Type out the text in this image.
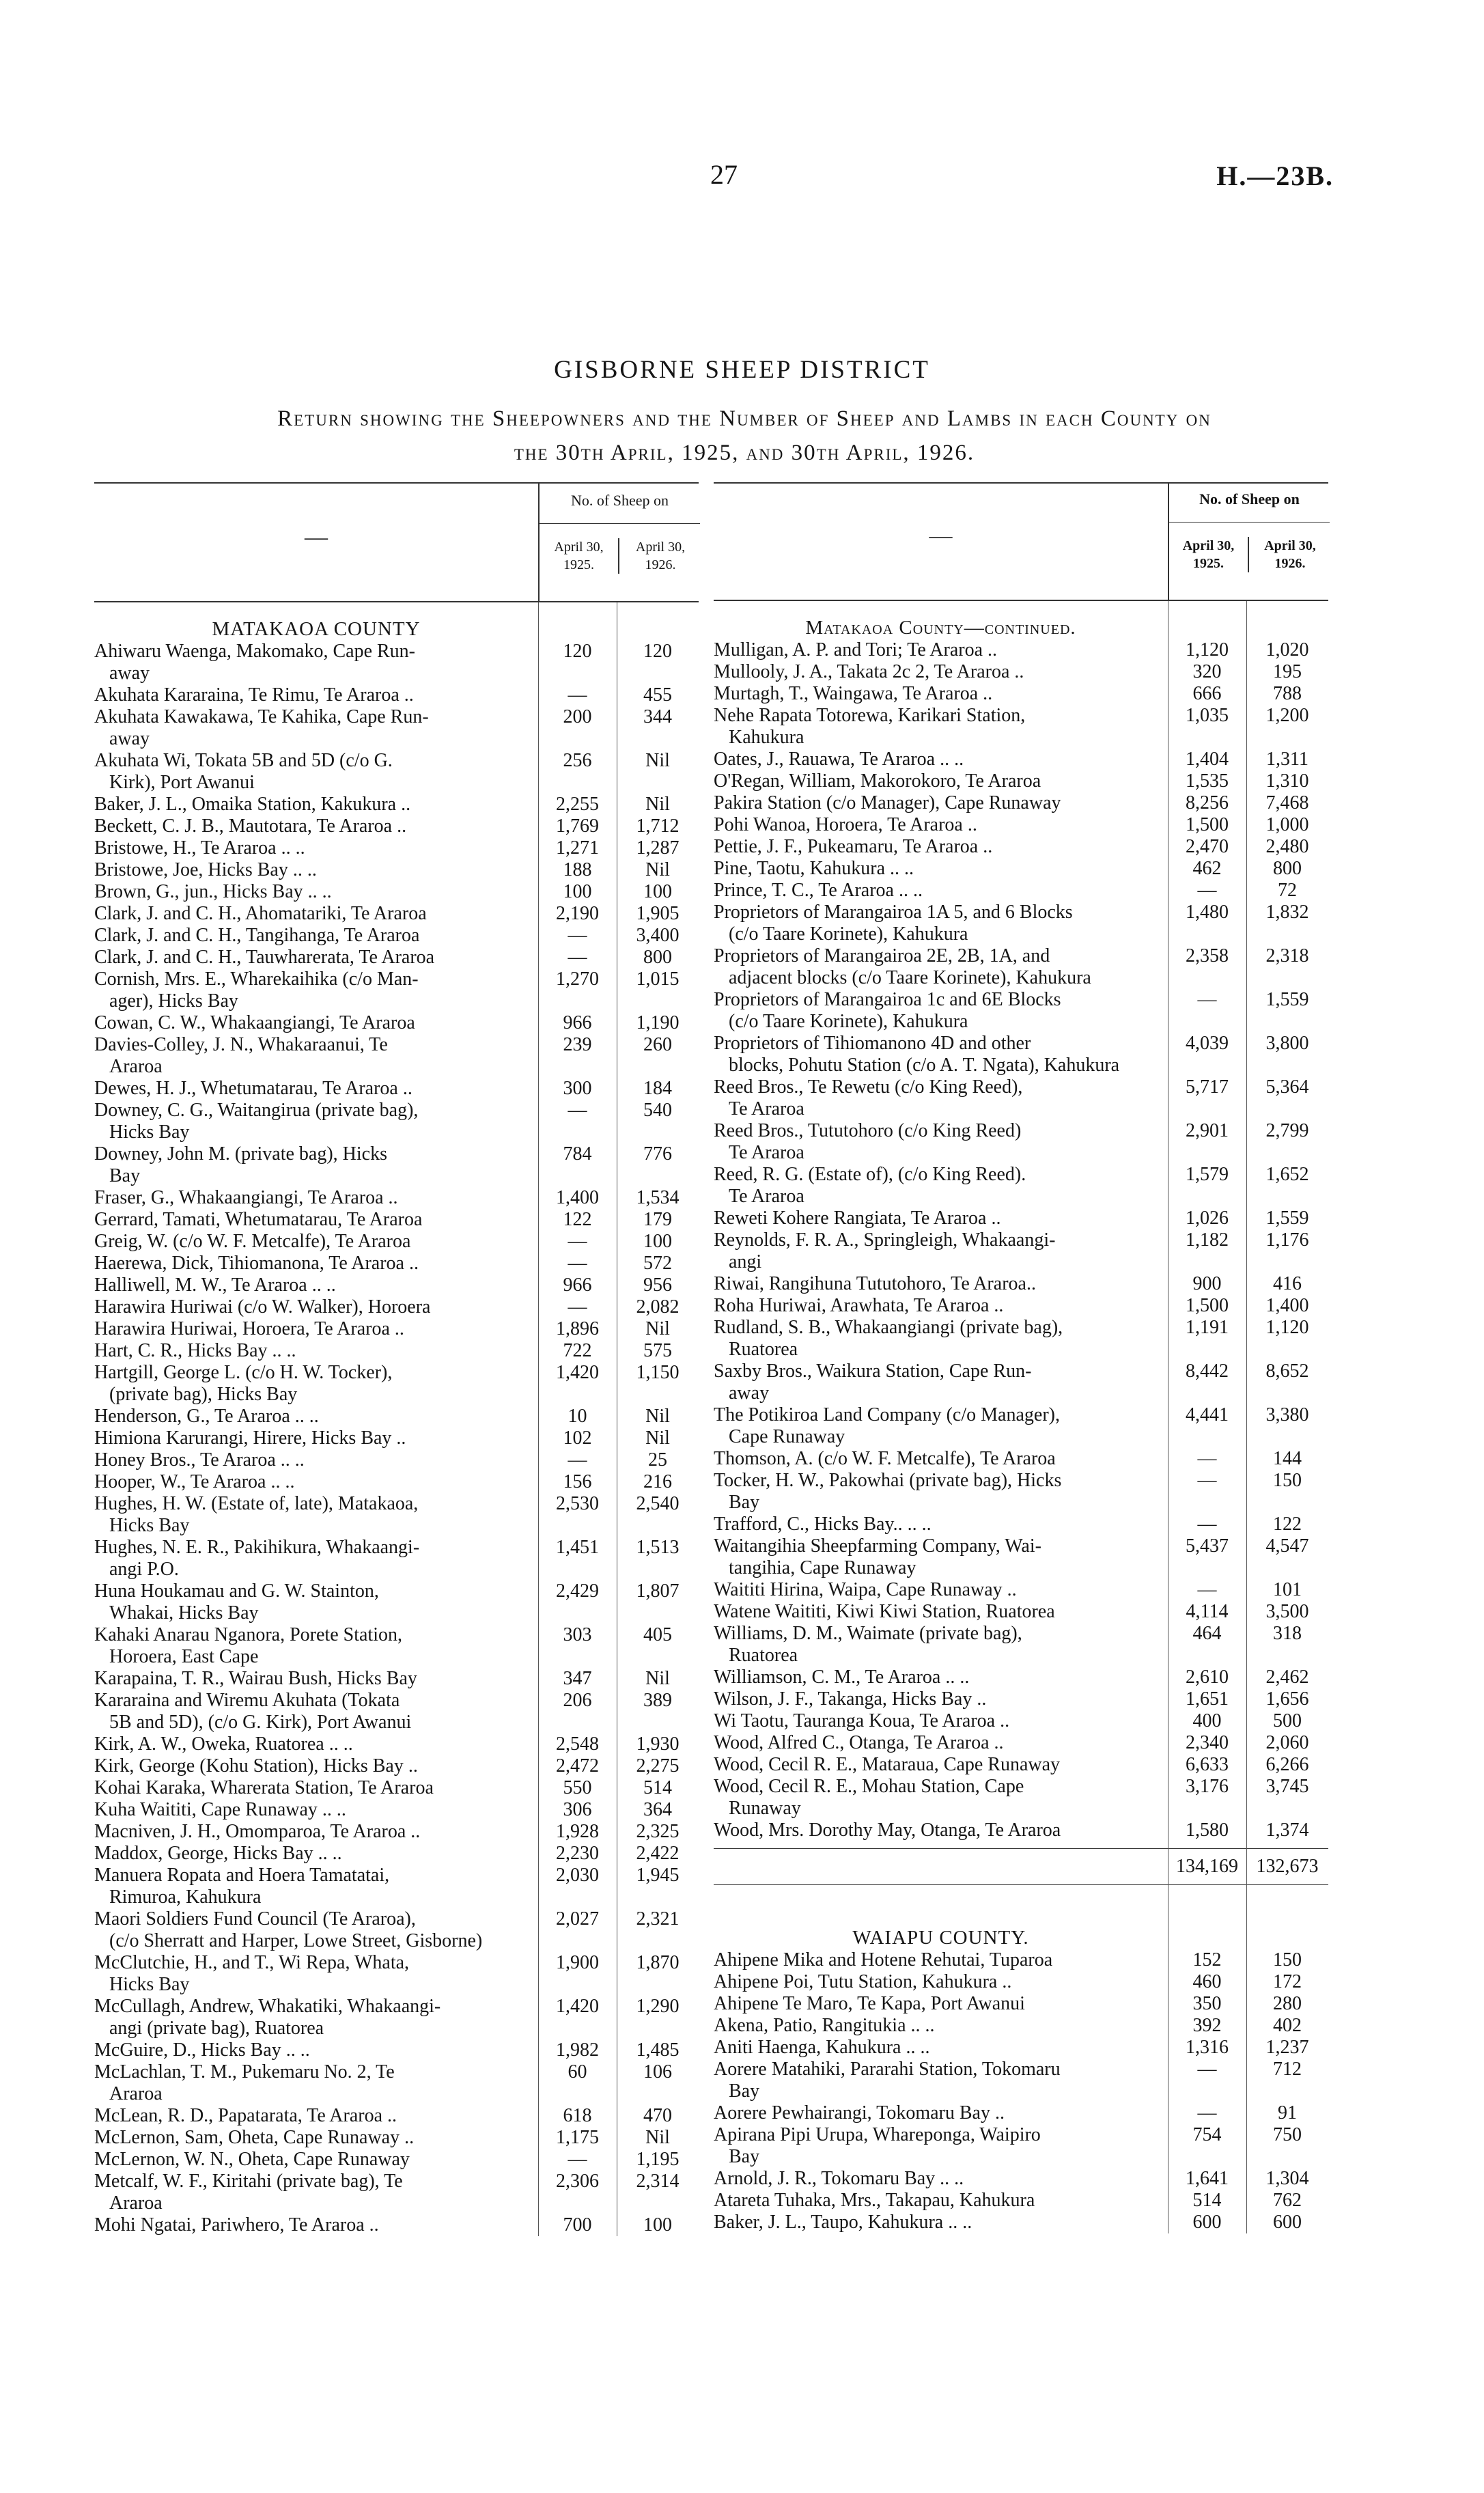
27	H.—23B.
GISBORNE SHEEP DISTRICT
Return showing the Sheepowners and the Number of Sheep and Lambs in each County on
the 30th April, 1925, and 30th April, 1926.
—
No. of Sheep on
April 30, 1925.
April 30, 1926.
MATAKAOA COUNTY
Ahiwaru Waenga, Makomako, Cape Run-
away
120	120
Akuhata Kararaina, Te Rimu, Te Araroa ..	—	455
Akuhata Kawakawa, Te Kahika, Cape Run-
away
200	344
Akuhata Wi, Tokata 5B and 5D (c/o G.
Kirk), Port Awanui
256	Nil
Baker, J. L., Omaika Station, Kakukura ..	2,255	Nil
Beckett, C. J. B., Mautotara, Te Araroa ..	1,769	1,712
Bristowe, H., Te Araroa .. ..	1,271	1,287
Bristowe, Joe, Hicks Bay .. ..	188	Nil
Brown, G., jun., Hicks Bay .. ..	100	100
Clark, J. and C. H., Ahomatariki, Te Araroa	2,190	1,905
Clark, J. and C. H., Tangihanga, Te Araroa	—	3,400
Clark, J. and C. H., Tauwharerata, Te Araroa	—	800
Cornish, Mrs. E., Wharekaihika (c/o Man-
ager), Hicks Bay
1,270	1,015
Cowan, C. W., Whakaangiangi, Te Araroa	966	1,190
Davies-Colley, J. N., Whakaraanui, Te
Araroa
239	260
Dewes, H. J., Whetumatarau, Te Araroa ..	300	184
Downey, C. G., Waitangirua (private bag),
Hicks Bay
—	540
Downey, John M. (private bag), Hicks
Bay
784	776
Fraser, G., Whakaangiangi, Te Araroa ..	1,400	1,534
Gerrard, Tamati, Whetumatarau, Te Araroa	122	179
Greig, W. (c/o W. F. Metcalfe), Te Araroa	—	100
Haerewa, Dick, Tihiomanona, Te Araroa ..	—	572
Halliwell, M. W., Te Araroa .. ..	966	956
Harawira Huriwai (c/o W. Walker), Horoera	—	2,082
Harawira Huriwai, Horoera, Te Araroa ..	1,896	Nil
Hart, C. R., Hicks Bay .. ..	722	575
Hartgill, George L. (c/o H. W. Tocker),
(private bag), Hicks Bay
1,420	1,150
Henderson, G., Te Araroa .. ..	10	Nil
Himiona Karurangi, Hirere, Hicks Bay ..	102	Nil
Honey Bros., Te Araroa .. ..	—	25
Hooper, W., Te Araroa .. ..	156	216
Hughes, H. W. (Estate of, late), Matakaoa,
Hicks Bay
2,530	2,540
Hughes, N. E. R., Pakihikura, Whakaangi-
angi P.O.
1,451	1,513
Huna Houkamau and G. W. Stainton,
Whakai, Hicks Bay
2,429	1,807
Kahaki Anarau Nganora, Porete Station,
Horoera, East Cape
303	405
Karapaina, T. R., Wairau Bush, Hicks Bay	347	Nil
Kararaina and Wiremu Akuhata (Tokata
5B and 5D), (c/o G. Kirk), Port Awanui
206	389
Kirk, A. W., Oweka, Ruatorea .. ..	2,548	1,930
Kirk, George (Kohu Station), Hicks Bay ..	2,472	2,275
Kohai Karaka, Wharerata Station, Te Araroa	550	514
Kuha Waititi, Cape Runaway .. ..	306	364
Macniven, J. H., Omomparoa, Te Araroa ..	1,928	2,325
Maddox, George, Hicks Bay .. ..	2,230	2,422
Manuera Ropata and Hoera Tamatatai,
Rimuroa, Kahukura
2,030	1,945
Maori Soldiers Fund Council (Te Araroa),
(c/o Sherratt and Harper, Lowe Street, Gisborne)
2,027	2,321
McClutchie, H., and T., Wi Repa, Whata,
Hicks Bay
1,900	1,870
McCullagh, Andrew, Whakatiki, Whakaangi-
angi (private bag), Ruatorea
1,420	1,290
McGuire, D., Hicks Bay .. ..	1,982	1,485
McLachlan, T. M., Pukemaru No. 2, Te
Araroa
60	106
McLean, R. D., Papatarata, Te Araroa ..	618	470
McLernon, Sam, Oheta, Cape Runaway ..	1,175	Nil
McLernon, W. N., Oheta, Cape Runaway	—	1,195
Metcalf, W. F., Kiritahi (private bag), Te
Araroa
2,306	2,314
Mohi Ngatai, Pariwhero, Te Araroa ..	700	100
—
No. of Sheep on
April 30, 1925.
April 30, 1926.
Matakaoa County—continued.
Mulligan, A. P. and Tori; Te Araroa ..	1,120	1,020
Mullooly, J. A., Takata 2c 2, Te Araroa ..	320	195
Murtagh, T., Waingawa, Te Araroa ..	666	788
Nehe Rapata Totorewa, Karikari Station,
Kahukura
1,035	1,200
Oates, J., Rauawa, Te Araroa .. ..	1,404	1,311
O'Regan, William, Makorokoro, Te Araroa	1,535	1,310
Pakira Station (c/o Manager), Cape Runaway	8,256	7,468
Pohi Wanoa, Horoera, Te Araroa ..	1,500	1,000
Pettie, J. F., Pukeamaru, Te Araroa ..	2,470	2,480
Pine, Taotu, Kahukura .. ..	462	800
Prince, T. C., Te Araroa .. ..	—	72
Proprietors of Marangairoa 1A 5, and 6 Blocks
(c/o Taare Korinete), Kahukura
1,480	1,832
Proprietors of Marangairoa 2E, 2B, 1A, and
adjacent blocks (c/o Taare Korinete), Kahukura
2,358	2,318
Proprietors of Marangairoa 1c and 6E Blocks
(c/o Taare Korinete), Kahukura
—	1,559
Proprietors of Tihiomanono 4D and other
blocks, Pohutu Station (c/o A. T. Ngata), Kahukura
4,039	3,800
Reed Bros., Te Rewetu (c/o King Reed),
Te Araroa
5,717	5,364
Reed Bros., Tututohoro (c/o King Reed)
Te Araroa
2,901	2,799
Reed, R. G. (Estate of), (c/o King Reed).
Te Araroa
1,579	1,652
Reweti Kohere Rangiata, Te Araroa ..	1,026	1,559
Reynolds, F. R. A., Springleigh, Whakaangi-
angi
1,182	1,176
Riwai, Rangihuna Tututohoro, Te Araroa..	900	416
Roha Huriwai, Arawhata, Te Araroa ..	1,500	1,400
Rudland, S. B., Whakaangiangi (private bag),
Ruatorea
1,191	1,120
Saxby Bros., Waikura Station, Cape Run-
away
8,442	8,652
The Potikiroa Land Company (c/o Manager),
Cape Runaway
4,441	3,380
Thomson, A. (c/o W. F. Metcalfe), Te Araroa	—	144
Tocker, H. W., Pakowhai (private bag), Hicks
Bay
—	150
Trafford, C., Hicks Bay.. .. ..	—	122
Waitangihia Sheepfarming Company, Wai-
tangihia, Cape Runaway
5,437	4,547
Waititi Hirina, Waipa, Cape Runaway ..	—	101
Watene Waititi, Kiwi Kiwi Station, Ruatorea	4,114	3,500
Williams, D. M., Waimate (private bag),
Ruatorea
464	318
Williamson, C. M., Te Araroa .. ..	2,610	2,462
Wilson, J. F., Takanga, Hicks Bay ..	1,651	1,656
Wi Taotu, Tauranga Koua, Te Araroa ..	400	500
Wood, Alfred C., Otanga, Te Araroa ..	2,340	2,060
Wood, Cecil R. E., Mataraua, Cape Runaway	6,633	6,266
Wood, Cecil R. E., Mohau Station, Cape
Runaway
3,176	3,745
Wood, Mrs. Dorothy May, Otanga, Te Araroa	1,580	1,374
134,169 132,673
WAIAPU COUNTY.
Ahipene Mika and Hotene Rehutai, Tuparoa	152	150
Ahipene Poi, Tutu Station, Kahukura ..	460	172
Ahipene Te Maro, Te Kapa, Port Awanui	350	280
Akena, Patio, Rangitukia .. ..	392	402
Aniti Haenga, Kahukura .. ..	1,316	1,237
Aorere Matahiki, Pararahi Station, Tokomaru
Bay
—	712
Aorere Pewhairangi, Tokomaru Bay ..	—	91
Apirana Pipi Urupa, Whareponga, Waipiro
Bay
754	750
Arnold, J. R., Tokomaru Bay .. ..	1,641	1,304
Atareta Tuhaka, Mrs., Takapau, Kahukura	514	762
Baker, J. L., Taupo, Kahukura .. ..	600	600
